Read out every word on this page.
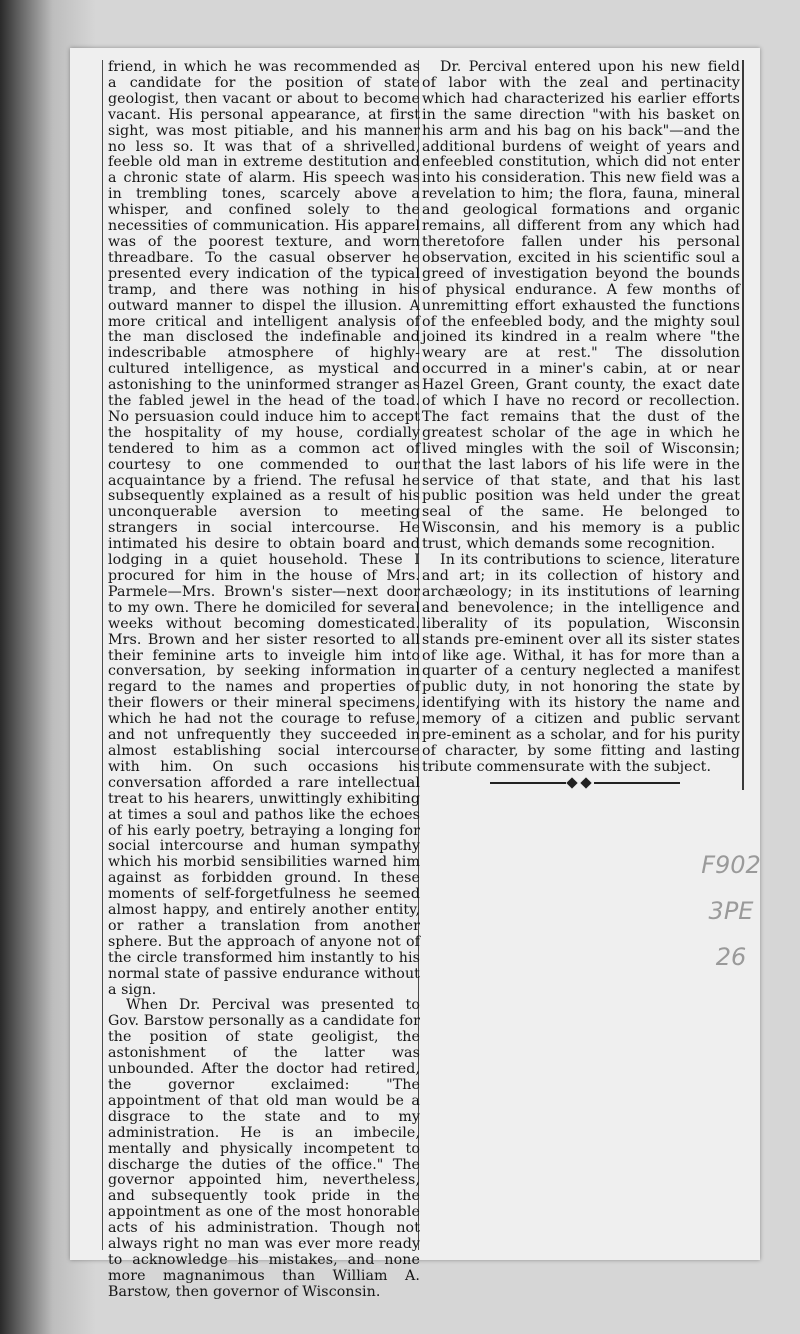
friend, in which he was recommended as a candidate for the position of state geologist, then vacant or about to become vacant. His personal appearance, at first sight, was most pitiable, and his manner no less so. It was that of a shrivelled, feeble old man in extreme destitution and a chronic state of alarm. His speech was in trembling tones, scarcely above a whisper, and confined solely to the necessities of communication. His apparel was of the poorest texture, and worn threadbare. To the casual observer he presented every indication of the typical tramp, and there was nothing in his outward manner to dispel the illusion. A more critical and intelligent analysis of the man disclosed the indefinable and indescribable atmosphere of highly-cultured intelligence, as mystical and astonishing to the uninformed stranger as the fabled jewel in the head of the toad. No persuasion could induce him to accept the hospitality of my house, cordially tendered to him as a common act of courtesy to one commended to our acquaintance by a friend. The refusal he subsequently explained as a result of his unconquerable aversion to meeting strangers in social intercourse. He intimated his desire to obtain board and lodging in a quiet household. These I procured for him in the house of Mrs. Parmele—Mrs. Brown's sister—next door to my own. There he domiciled for several weeks without becoming domesticated. Mrs. Brown and her sister resorted to all their feminine arts to inveigle him into conversation, by seeking information in regard to the names and properties of their flowers or their mineral specimens, which he had not the courage to refuse, and not unfrequently they succeeded in almost establishing social intercourse with him. On such occasions his conversation afforded a rare intellectual treat to his hearers, unwittingly exhibiting at times a soul and pathos like the echoes of his early poetry, betraying a longing for social intercourse and human sympathy which his morbid sensibilities warned him against as forbidden ground. In these moments of self-forgetfulness he seemed almost happy, and entirely another entity, or rather a translation from another sphere. But the approach of anyone not of the circle transformed him instantly to his normal state of passive endurance without a sign.

When Dr. Percival was presented to Gov. Barstow personally as a candidate for the position of state geoligist, the astonishment of the latter was unbounded. After the doctor had retired, the governor exclaimed: "The appointment of that old man would be a disgrace to the state and to my administration. He is an imbecile, mentally and physically incompetent to discharge the duties of the office." The governor appointed him, nevertheless, and subsequently took pride in the appointment as one of the most honorable acts of his administration. Though not always right no man was ever more ready to acknowledge his mistakes, and none more magnanimous than William A. Barstow, then governor of Wisconsin.

Dr. Percival entered upon his new field of labor with the zeal and pertinacity which had characterized his earlier efforts in the same direction "with his basket on his arm and his bag on his back"—and the additional burdens of weight of years and enfeebled constitution, which did not enter into his consideration. This new field was a revelation to him; the flora, fauna, mineral and geological formations and organic remains, all different from any which had theretofore fallen under his personal observation, excited in his scientific soul a greed of investigation beyond the bounds of physical endurance. A few months of unremitting effort exhausted the functions of the enfeebled body, and the mighty soul joined its kindred in a realm where "the weary are at rest." The dissolution occurred in a miner's cabin, at or near Hazel Green, Grant county, the exact date of which I have no record or recollection. The fact remains that the dust of the greatest scholar of the age in which he lived mingles with the soil of Wisconsin; that the last labors of his life were in the service of that state, and that his last public position was held under the great seal of the same. He belonged to Wisconsin, and his memory is a public trust, which demands some recognition.

In its contributions to science, literature and art; in its collection of history and archæology; in its institutions of learning and benevolence; in the intelligence and liberality of its population, Wisconsin stands pre-eminent over all its sister states of like age. Withal, it has for more than a quarter of a century neglected a manifest public duty, in not honoring the state by identifying with its history the name and memory of a citizen and public servant pre-eminent as a scholar, and for his purity of character, by some fitting and lasting tribute commensurate with the subject.

F902
3PE
26
